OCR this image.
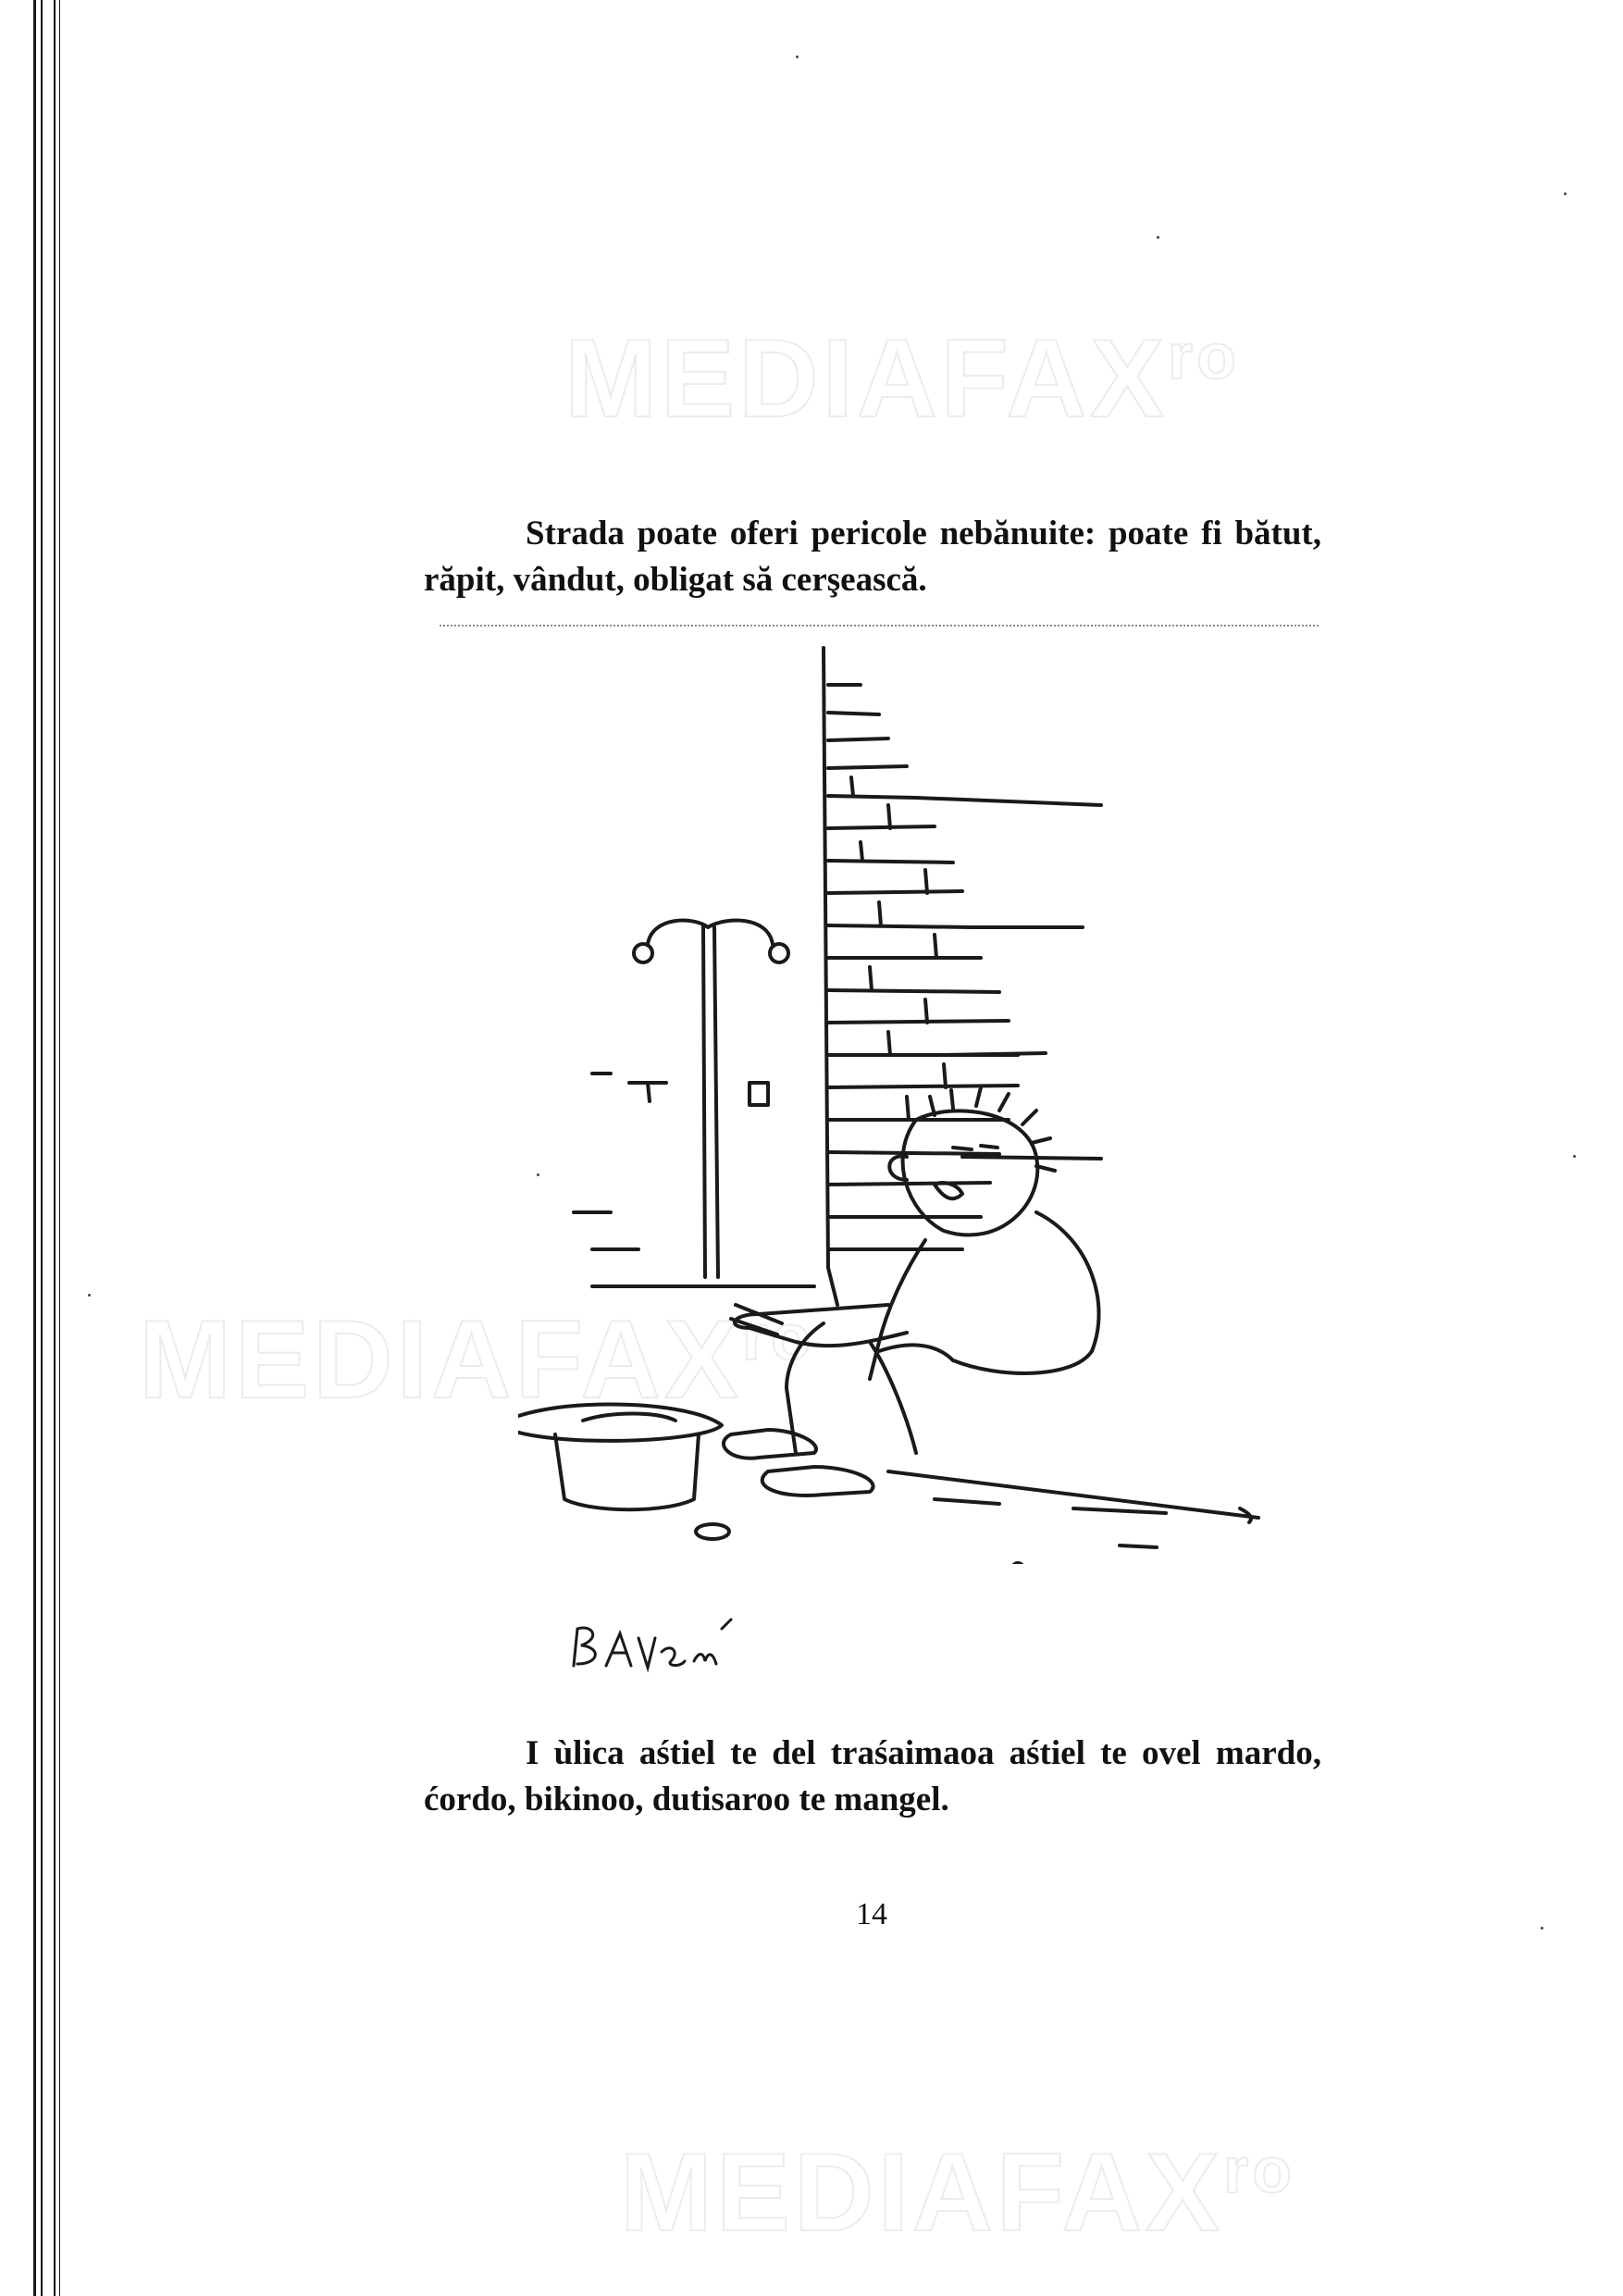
$MEDIAFAX^{ro}$
$MEDIAFAX^{ro}$
$MEDIAFAX^{ro}$
Strada poate oferi pericole nebănuite: poate fi bătut, răpit, vândut, obligat să cerşească.
I ùlica aśtiel te del traśaimaoa aśtiel te ovel mardo, ćordo, bikinoo, dutisaroo te mangel.
14
